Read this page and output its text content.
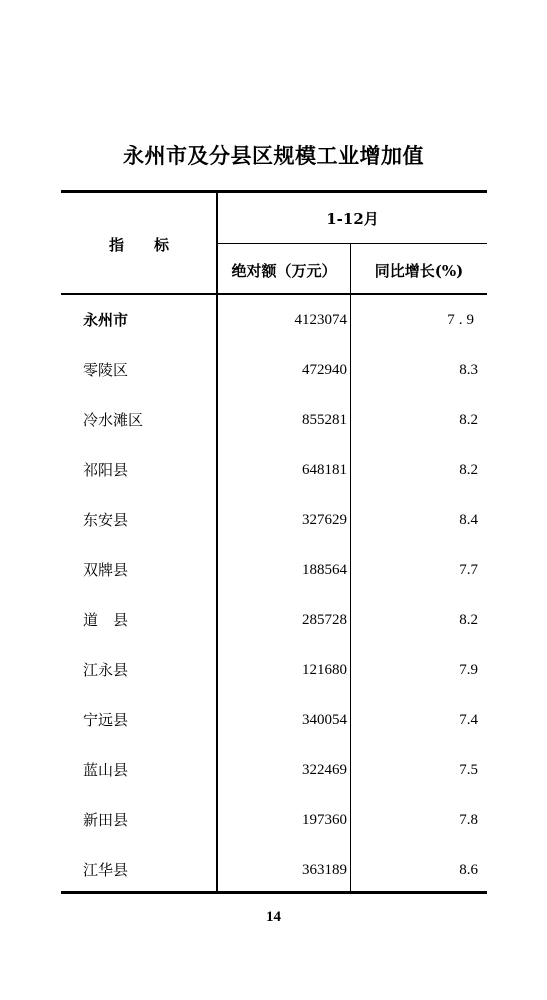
永州市及分县区规模工业增加值
指　　标
1-12月
绝对额（万元）	同比增长(%)
永州市	4123074	7.9
零陵区	472940	8.3
冷水滩区	855281	8.2
祁阳县	648181	8.2
东安县	327629	8.4
双牌县	188564	7.7
道　县	285728	8.2
江永县	121680	7.9
宁远县	340054	7.4
蓝山县	322469	7.5
新田县	197360	7.8
江华县	363189	8.6
14
